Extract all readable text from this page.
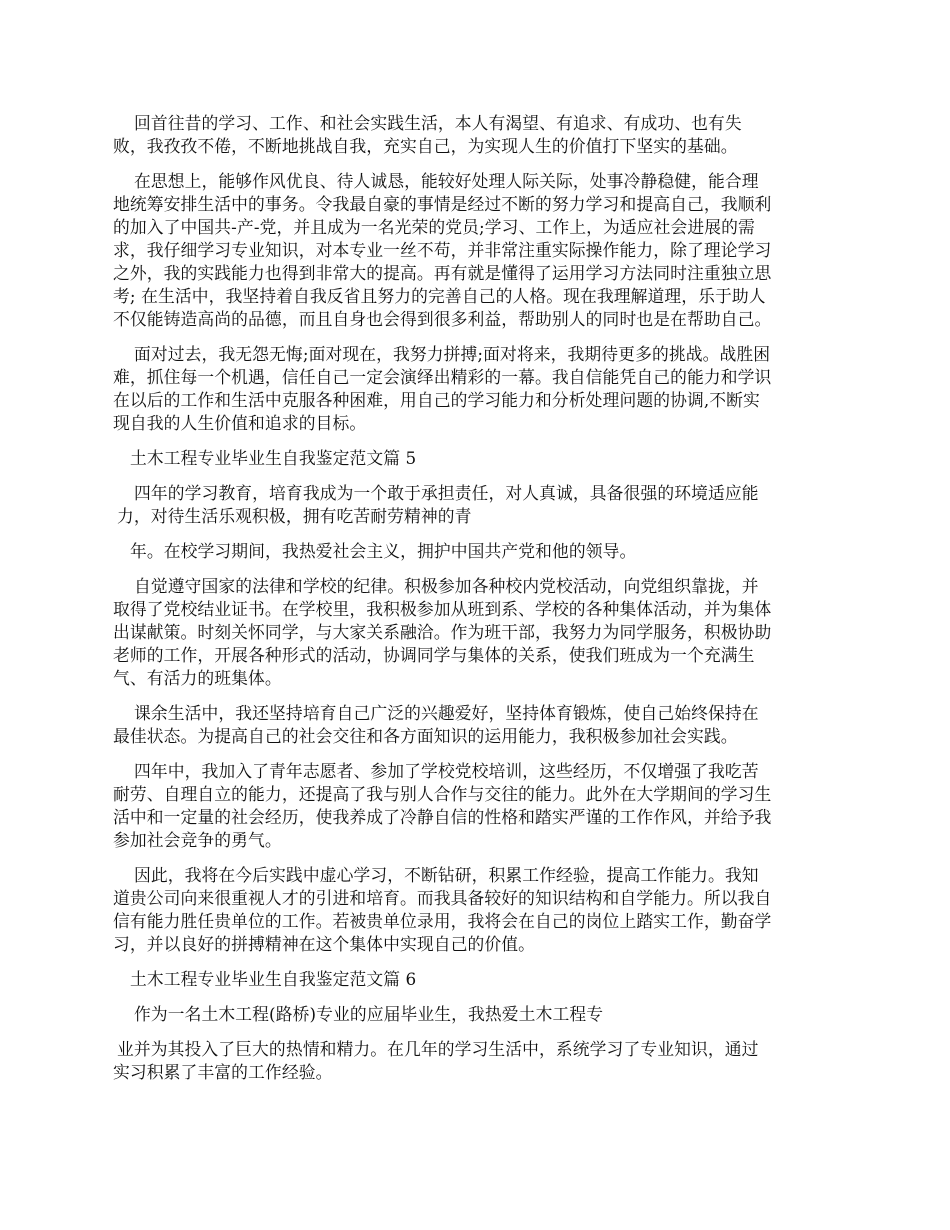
回首往昔的学习、工作、和社会实践生活，本人有渴望、有追求、有成功、也有失
败，我孜孜不倦，不断地挑战自我，充实自己，为实现人生的价值打下坚实的基础。
在思想上，能够作风优良、待人诚恳，能较好处理人际关际，处事冷静稳健，能合理
地统筹安排生活中的事务。令我最自豪的事情是经过不断的努力学习和提高自己，我顺利
的加入了中国共-产-党，并且成为一名光荣的党员;学习、工作上，为适应社会进展的需
求，我仔细学习专业知识，对本专业一丝不苟，并非常注重实际操作能力，除了理论学习
之外，我的实践能力也得到非常大的提高。再有就是懂得了运用学习方法同时注重独立思
考; 在生活中，我坚持着自我反省且努力的完善自己的人格。现在我理解道理，乐于助人
不仅能铸造高尚的品德，而且自身也会得到很多利益，帮助别人的同时也是在帮助自己。
面对过去，我无怨无悔;面对现在，我努力拼搏;面对将来，我期待更多的挑战。战胜困
难，抓住每一个机遇，信任自己一定会演绎出精彩的一幕。我自信能凭自己的能力和学识
在以后的工作和生活中克服各种困难，用自己的学习能力和分析处理问题的协调,不断实
现自我的人生价值和追求的目标。
土木工程专业毕业生自我鉴定范文篇 5
四年的学习教育，培育我成为一个敢于承担责任，对人真诚，具备很强的环境适应能
力，对待生活乐观积极，拥有吃苦耐劳精神的青
年。在校学习期间，我热爱社会主义，拥护中国共产党和他的领导。
自觉遵守国家的法律和学校的纪律。积极参加各种校内党校活动，向党组织靠拢，并
取得了党校结业证书。在学校里，我积极参加从班到系、学校的各种集体活动，并为集体
出谋献策。时刻关怀同学，与大家关系融洽。作为班干部，我努力为同学服务，积极协助
老师的工作，开展各种形式的活动，协调同学与集体的关系，使我们班成为一个充满生
气、有活力的班集体。
课余生活中，我还坚持培育自己广泛的兴趣爱好，坚持体育锻炼，使自己始终保持在
最佳状态。为提高自己的社会交往和各方面知识的运用能力，我积极参加社会实践。
四年中，我加入了青年志愿者、参加了学校党校培训，这些经历，不仅增强了我吃苦
耐劳、自理自立的能力，还提高了我与别人合作与交往的能力。此外在大学期间的学习生
活中和一定量的社会经历，使我养成了冷静自信的性格和踏实严谨的工作作风，并给予我
参加社会竞争的勇气。
因此，我将在今后实践中虚心学习，不断钻研，积累工作经验，提高工作能力。我知
道贵公司向来很重视人才的引进和培育。而我具备较好的知识结构和自学能力。所以我自
信有能力胜任贵单位的工作。若被贵单位录用，我将会在自己的岗位上踏实工作，勤奋学
习，并以良好的拼搏精神在这个集体中实现自己的价值。
土木工程专业毕业生自我鉴定范文篇 6
作为一名土木工程(路桥)专业的应届毕业生，我热爱土木工程专
业并为其投入了巨大的热情和精力。在几年的学习生活中，系统学习了专业知识，通过
实习积累了丰富的工作经验。
